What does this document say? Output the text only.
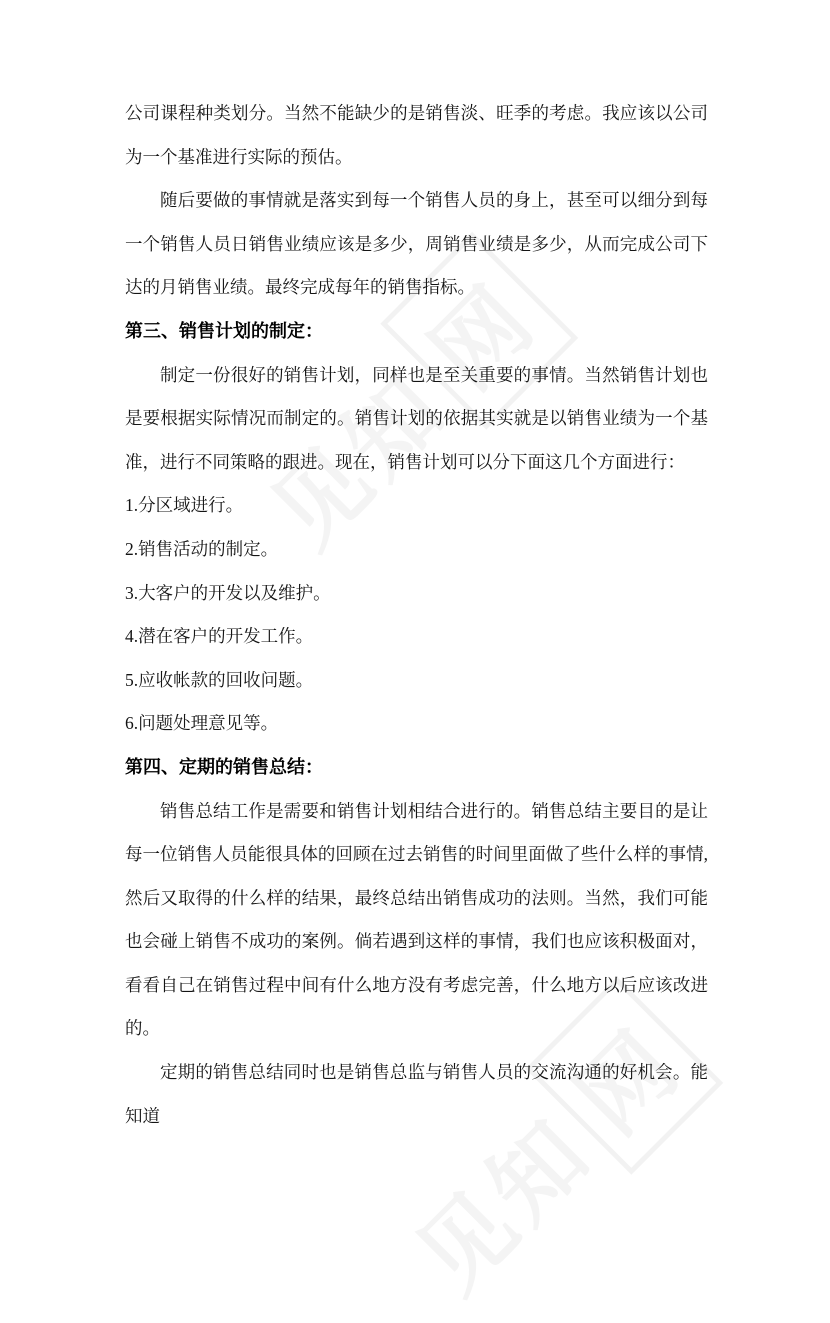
公司课程种类划分。当然不能缺少的是销售淡、旺季的考虑。我应该以公司为一个基准进行实际的预估。
随后要做的事情就是落实到每一个销售人员的身上，甚至可以细分到每一个销售人员日销售业绩应该是多少，周销售业绩是多少，从而完成公司下达的月销售业绩。最终完成每年的销售指标。
第三、销售计划的制定：
制定一份很好的销售计划，同样也是至关重要的事情。当然销售计划也是要根据实际情况而制定的。销售计划的依据其实就是以销售业绩为一个基准，进行不同策略的跟进。现在，销售计划可以分下面这几个方面进行：
1.分区域进行。
2.销售活动的制定。
3.大客户的开发以及维护。
4.潜在客户的开发工作。
5.应收帐款的回收问题。
6.问题处理意见等。
第四、定期的销售总结：
销售总结工作是需要和销售计划相结合进行的。销售总结主要目的是让每一位销售人员能很具体的回顾在过去销售的时间里面做了些什么样的事情, 然后又取得的什么样的结果，最终总结出销售成功的法则。当然，我们可能也会碰上销售不成功的案例。倘若遇到这样的事情，我们也应该积极面对，看看自己在销售过程中间有什么地方没有考虑完善，什么地方以后应该改进的。
定期的销售总结同时也是销售总监与销售人员的交流沟通的好机会。能知道
